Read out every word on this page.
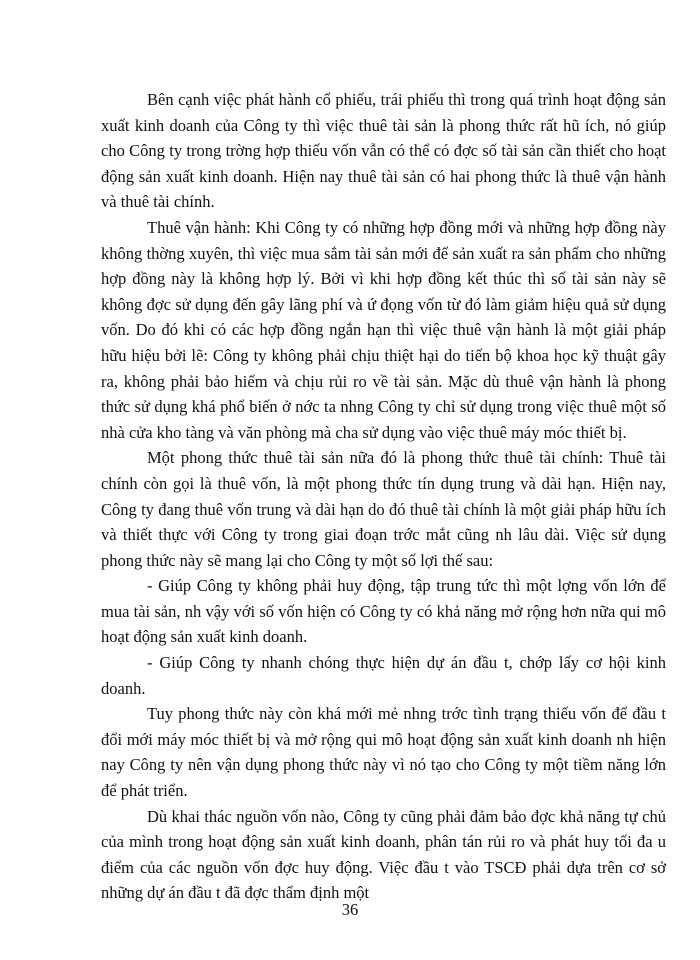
Bên cạnh việc phát hành cổ phiếu, trái phiếu thì trong quá trình hoạt động sản xuất kinh doanh của Công ty thì việc thuê tài sản là phong thức rất hũ ích, nó giúp cho Công ty trong trờng hợp thiếu vốn vẫn có thể có đợc số tài sản cần thiết cho hoạt động sản xuất kinh doanh. Hiện nay thuê tài sản có hai phong thức là thuê vận hành và thuê tài chính.

Thuê vận hành: Khi Công ty có những hợp đồng mới và những hợp đồng này không thờng xuyên, thì việc mua sắm tài sản mới để sản xuất ra sản phẩm cho những hợp đồng này là không hợp lý. Bởi vì khi hợp đồng kết thúc thì số tài sản này sẽ không đợc sử dụng đến gây lãng phí và ứ đọng vốn từ đó làm giảm hiệu quả sử dụng vốn. Do đó khi có các hợp đồng ngắn hạn thì việc thuê vận hành là một giải pháp hữu hiệu bởi lẽ: Công ty không phải chịu thiệt hại do tiến bộ khoa học kỹ thuật gây ra, không phải bảo hiểm và chịu rủi ro về tài sản. Mặc dù thuê vận hành là phong thức sử dụng khá phổ biến ở nớc ta nhng Công ty chỉ sử dụng trong việc thuê một số nhà cửa kho tàng và văn phòng mà cha sử dụng vào việc thuê máy móc thiết bị.

Một phong thức thuê tài sản nữa đó là phong thức thuê tài chính: Thuê tài chính còn gọi là thuê vốn, là một phong thức tín dụng trung và dài hạn. Hiện nay, Công ty đang thuê vốn trung và dài hạn do đó thuê tài chính là một giải pháp hữu ích và thiết thực với Công ty trong giai đoạn trớc mắt cũng nh lâu dài. Việc sử dụng phong thức này sẽ mang lại cho Công ty một số lợi thế sau:

- Giúp Công ty không phải huy động, tập trung tức thì một lợng vốn lớn để mua tài sản, nh vậy với số vốn hiện có Công ty có khả năng mở rộng hơn nữa qui mô hoạt động sản xuất kinh doanh.

- Giúp Công ty nhanh chóng thực hiện dự án đầu t, chớp lấy cơ hội kinh doanh.

Tuy phong thức này còn khá mới mẻ nhng trớc tình trạng thiếu vốn để đầu t đổi mới máy móc thiết bị và mở rộng qui mô hoạt động sản xuất kinh doanh nh hiện nay Công ty nên vận dụng phong thức này vì nó tạo cho Công ty một tiềm năng lớn để phát triển.

Dù khai thác nguồn vốn nào, Công ty cũng phải đảm bảo đợc khả năng tự chủ của mình trong hoạt động sản xuất kinh doanh, phân tán rủi ro và phát huy tối đa u điểm của các nguồn vốn đợc huy động. Việc đầu t vào TSCĐ phải dựa trên cơ sở những dự án đầu t đã đợc thẩm định một

36
